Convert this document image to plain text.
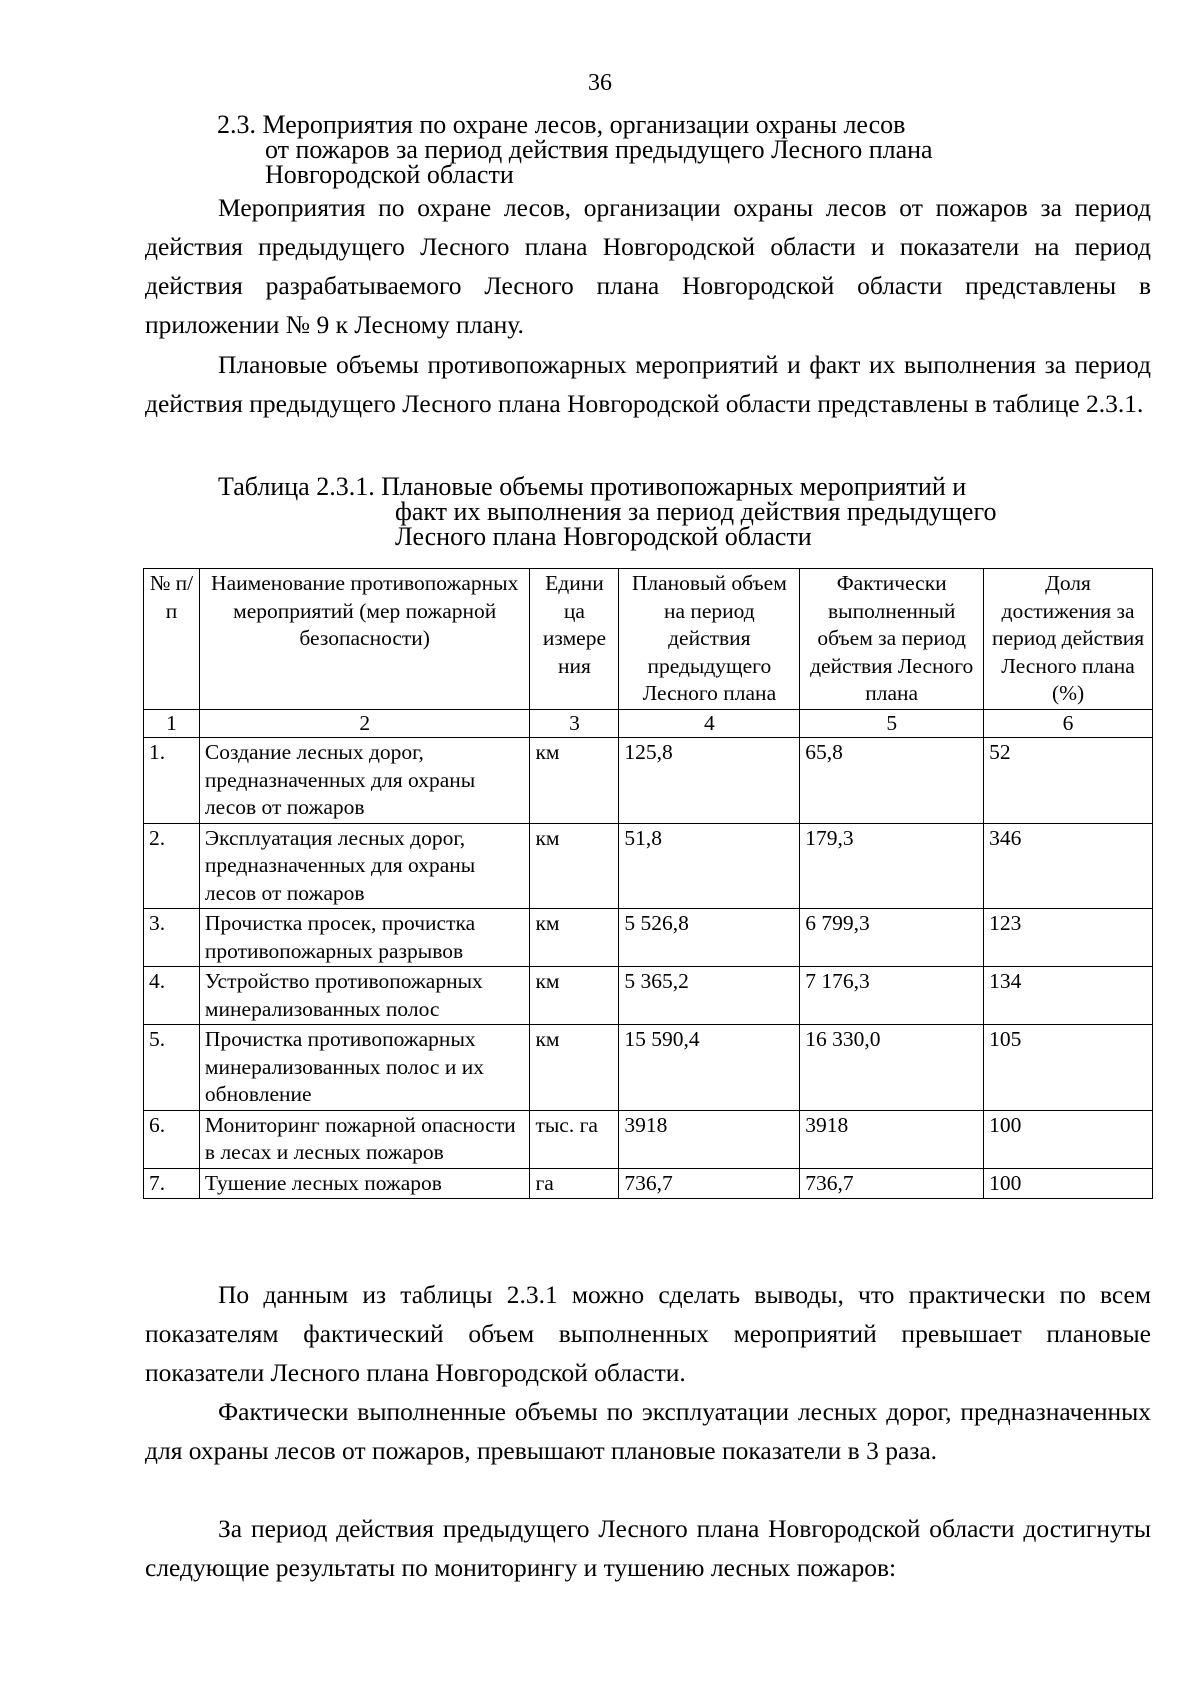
36
2.3. Мероприятия по охране лесов, организации охраны лесов
от пожаров за период действия предыдущего Лесного плана
Новгородской области

Мероприятия по охране лесов, организации охраны лесов от пожаров за период действия предыдущего Лесного плана Новгородской области и показатели на период действия разрабатываемого Лесного плана Новгородской области представлены в приложении № 9 к Лесному плану.

Плановые объемы противопожарных мероприятий и факт их выполнения за период действия предыдущего Лесного плана Новгородской области представлены в таблице 2.3.1.

Таблица 2.3.1. Плановые объемы противопожарных мероприятий и
факт их выполнения за период действия предыдущего
Лесного плана Новгородской области
№ п/п	Наименование противопожарных мероприятий (мер пожарной безопасности)	Едини ца измере ния	Плановый объем на период действия предыдущего Лесного плана	Фактически выполненный объем за период действия Лесного плана	Доля достижения за период действия Лесного плана (%)
1	2	3	4	5	6
1.	Создание лесных дорог, предназначенных для охраны лесов от пожаров	км	125,8	65,8	52
2.	Эксплуатация лесных дорог, предназначенных для охраны лесов от пожаров	км	51,8	179,3	346
3.	Прочистка просек, прочистка противопожарных разрывов	км	5 526,8	6 799,3	123
4.	Устройство противопожарных минерализованных полос	км	5 365,2	7 176,3	134
5.	Прочистка противопожарных минерализованных полос и их обновление	км	15 590,4	16 330,0	105
6.	Мониторинг пожарной опасности в лесах и лесных пожаров	тыс. га	3918	3918	100
7.	Тушение лесных пожаров	га	736,7	736,7	100

По данным из таблицы 2.3.1 можно сделать выводы, что практически по всем показателям фактический объем выполненных мероприятий превышает плановые показатели Лесного плана Новгородской области.

Фактически выполненные объемы по эксплуатации лесных дорог, предназначенных для охраны лесов от пожаров, превышают плановые показатели в 3 раза.

За период действия предыдущего Лесного плана Новгородской области достигнуты следующие результаты по мониторингу и тушению лесных пожаров:
